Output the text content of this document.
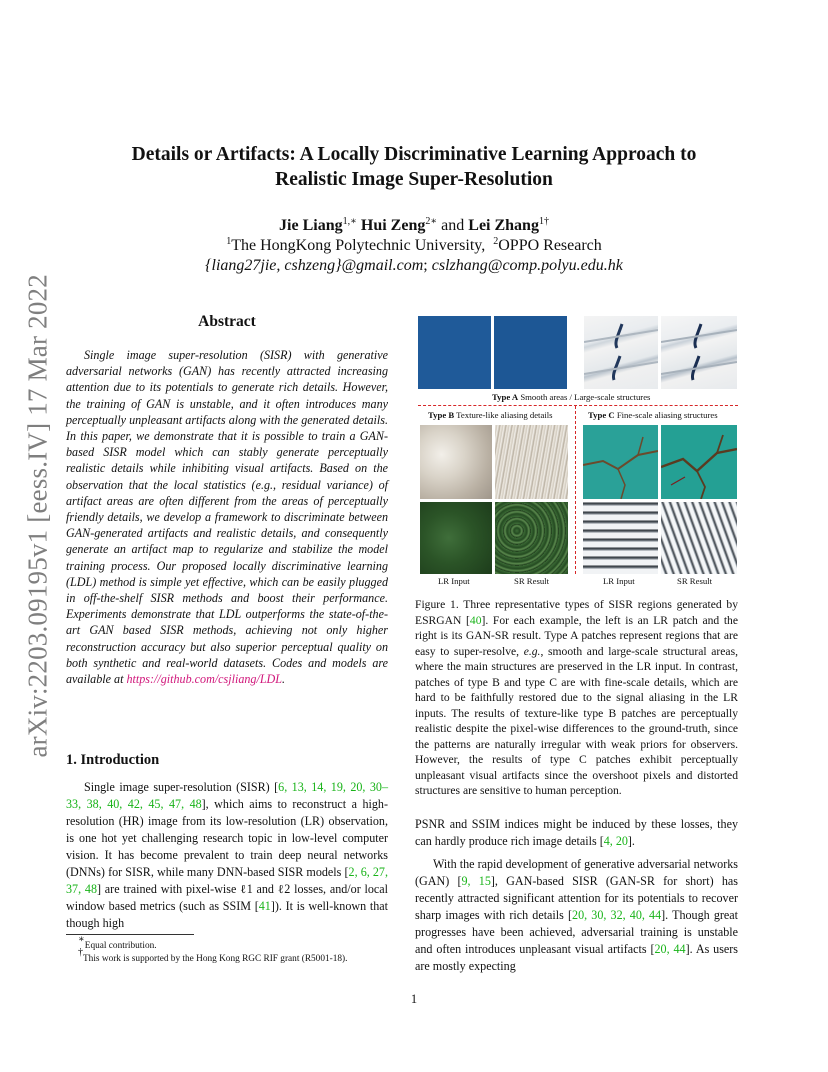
arXiv:2203.09195v1 [eess.IV] 17 Mar 2022
Details or Artifacts: A Locally Discriminative Learning Approach to
Realistic Image Super-Resolution
Jie Liang$^{1,∗}$ Hui Zeng$^{2∗}$ and Lei Zhang$^{1\dagger}$
$^1$The HongKong Polytechnic University, $^2$OPPO Research
{liang27jie, cshzeng}@gmail.com; cslzhang@comp.polyu.edu.hk
Abstract

Single image super-resolution (SISR) with generative adversarial networks (GAN) has recently attracted increasing attention due to its potentials to generate rich details. However, the training of GAN is unstable, and it often introduces many perceptually unpleasant artifacts along with the generated details. In this paper, we demonstrate that it is possible to train a GAN-based SISR model which can stably generate perceptually realistic details while inhibiting visual artifacts. Based on the observation that the local statistics (e.g., residual variance) of artifact areas are often different from the areas of perceptually friendly details, we develop a framework to discriminate between GAN-generated artifacts and realistic details, and consequently generate an artifact map to regularize and stabilize the model training process. Our proposed locally discriminative learning (LDL) method is simple yet effective, which can be easily plugged in off-the-shelf SISR methods and boost their performance. Experiments demonstrate that LDL outperforms the state-of-the-art GAN based SISR methods, achieving not only higher reconstruction accuracy but also superior perceptual quality on both synthetic and real-world datasets. Codes and models are available at https://github.com/csjliang/LDL.

1. Introduction

Single image super-resolution (SISR) [6, 13, 14, 19, 20, 30–33, 38, 40, 42, 45, 47, 48], which aims to reconstruct a high-resolution (HR) image from its low-resolution (LR) observation, is one hot yet challenging research topic in low-level computer vision. It has become prevalent to train deep neural networks (DNNs) for SISR, while many DNN-based SISR models [2, 6, 27, 37, 48] are trained with pixel-wise ℓ1 and ℓ2 losses, and/or local window based metrics (such as SSIM [41]). It is well-known that though high

∗Equal contribution.
†This work is supported by the Hong Kong RGC RIF grant (R5001-18).
Type A Smooth areas / Large-scale structures
Type B Texture-like aliasing details	Type C Fine-scale aliasing structures
LR Input	SR Result	LR Input	SR Result
Figure 1. Three representative types of SISR regions generated by ESRGAN [40]. For each example, the left is an LR patch and the right is its GAN-SR result. Type A patches represent regions that are easy to super-resolve, e.g., smooth and large-scale structural areas, where the main structures are preserved in the LR input. In contrast, patches of type B and type C are with fine-scale details, which are hard to be faithfully restored due to the signal aliasing in the LR inputs. The results of texture-like type B patches are perceptually realistic despite the pixel-wise differences to the ground-truth, since the patterns are naturally irregular with weak priors for observers. However, the results of type C patches exhibit perceptually unpleasant visual artifacts since the overshoot pixels and distorted structures are sensitive to human perception.

PSNR and SSIM indices might be induced by these losses, they can hardly produce rich image details [4, 20].

With the rapid development of generative adversarial networks (GAN) [9, 15], GAN-based SISR (GAN-SR for short) has recently attracted significant attention for its potentials to recover sharp images with rich details [20, 30, 32, 40, 44]. Though great progresses have been achieved, adversarial training is unstable and often introduces unpleasant visual artifacts [20, 44]. As users are mostly expecting

1
